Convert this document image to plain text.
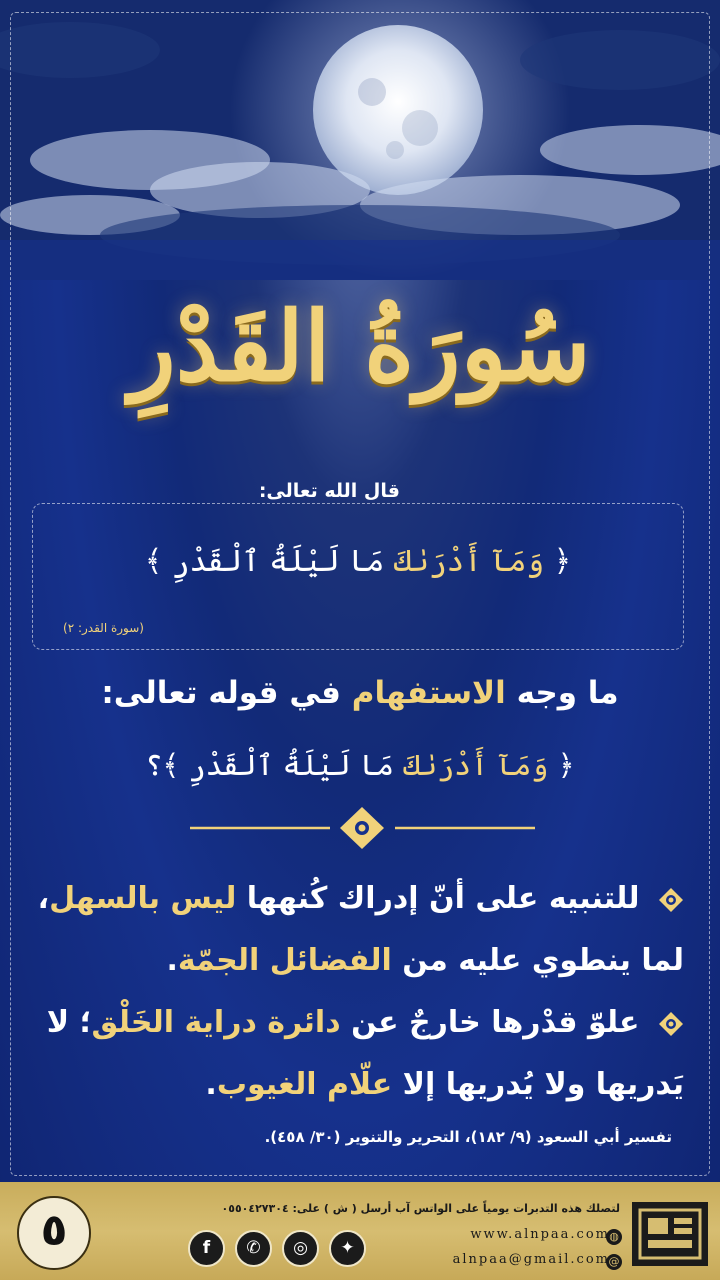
سُورَةُ القَدْرِ
قال الله تعالى:
﴿ وَمَآ أَدْرَىٰكَ مَا لَيْلَةُ ٱلْقَدْرِ ﴾
(سورة القدر: ٢)
ما وجه الاستفهام في قوله تعالى:
﴿ وَمَآ أَدْرَىٰكَ مَا لَيْلَةُ ٱلْقَدْرِ ﴾؟
للتنبيه على أنّ إدراك كُنهها ليس بالسهل، لما ينطوي عليه من الفضائل الجمّة.
علوّ قدْرها خارجٌ عن دائرة دراية الخَلْق؛ لا يَدريها ولا يُدريها إلا علّام الغيوب.
تفسير أبي السعود (٩/ ١٨٢)، التحرير والتنوير (٣٠/ ٤٥٨).
٥	لتصلك هذه التدبرات يومياً على الواتس آب أرسل ( ش ) على: ٠٥٥٠٤٢٧٣٠٤
f	✆	◎	✦
◍
www.alnpaa.com
@
alnpaa@gmail.com
